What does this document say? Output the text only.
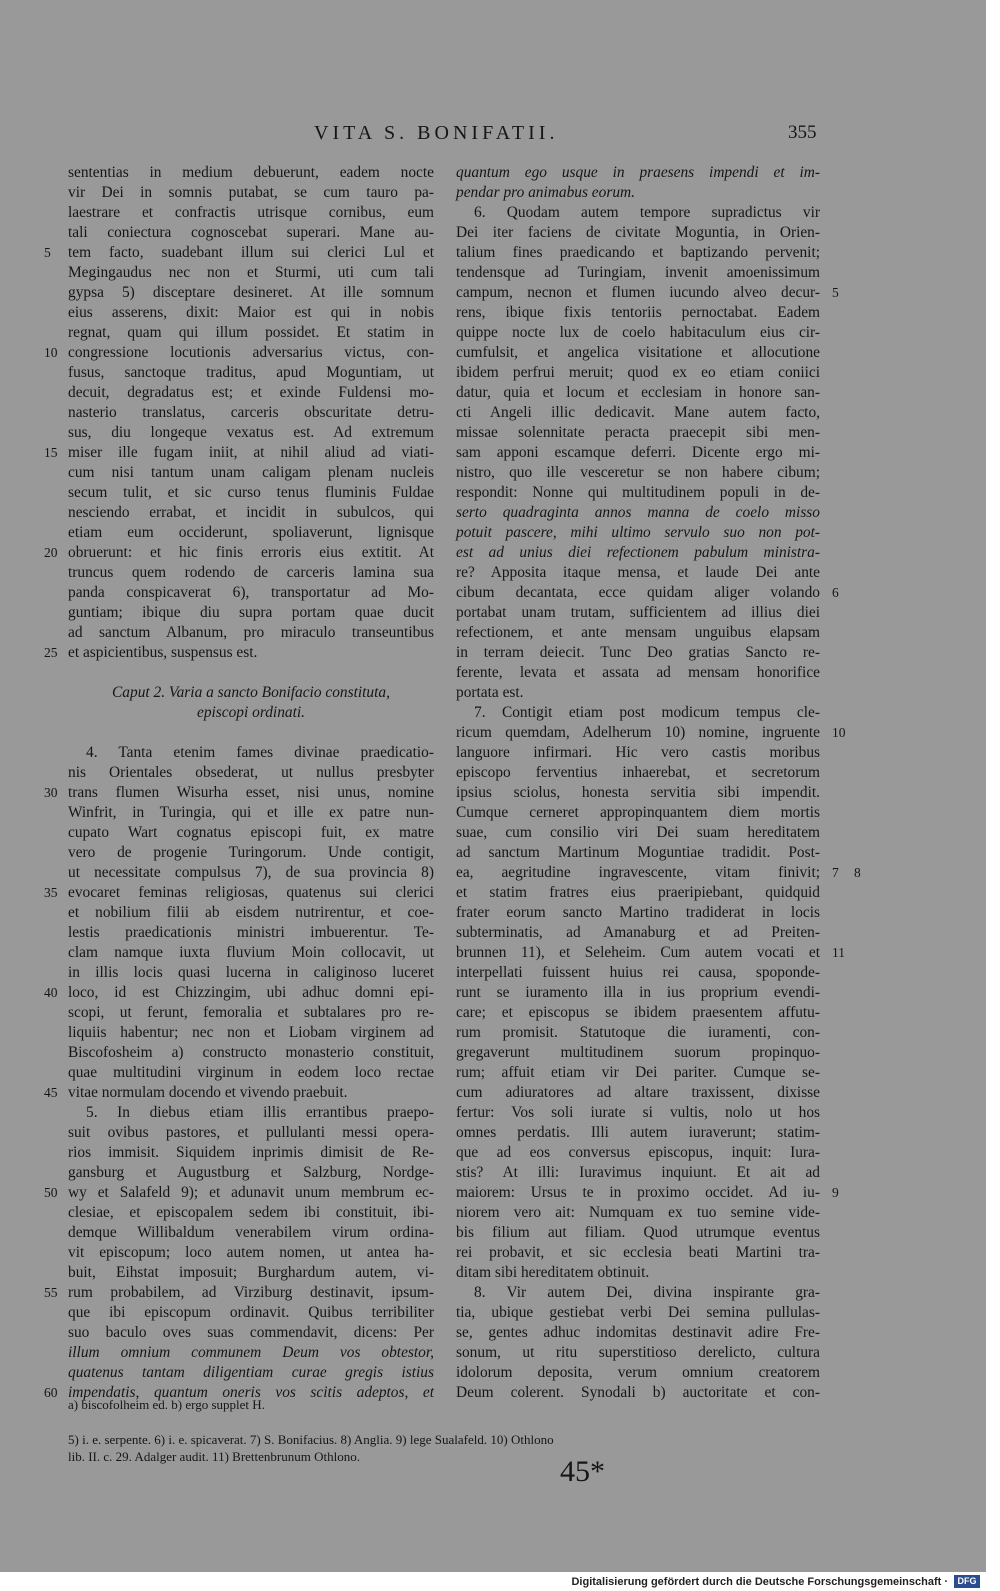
VITA S. BONIFATII.	355
sententias in medium debuerunt, eadem nocte
vir Dei in somnis putabat, se cum tauro pa-
laestrare et confractis utrisque cornibus, eum
tali coniectura cognoscebat superari. Mane au-
tem facto, suadebant illum sui clerici Lul et
Megingaudus nec non et Sturmi, uti cum tali
gypsa 5) disceptare desineret. At ille somnum
eius asserens, dixit: Maior est qui in nobis
regnat, quam qui illum possidet. Et statim in
congressione locutionis adversarius victus, con-
fusus, sanctoque traditus, apud Moguntiam, ut
decuit, degradatus est; et exinde Fuldensi mo-
nasterio translatus, carceris obscuritate detru-
sus, diu longeque vexatus est. Ad extremum
miser ille fugam iniit, at nihil aliud ad viati-
cum nisi tantum unam caligam plenam nucleis
secum tulit, et sic curso tenus fluminis Fuldae
nesciendo errabat, et incidit in subulcos, qui
etiam eum occiderunt, spoliaverunt, lignisque
obruerunt: et hic finis erroris eius extitit. At
truncus quem rodendo de carceris lamina sua
panda conspicaverat 6), transportatur ad Mo-
guntiam; ibique diu supra portam quae ducit
ad sanctum Albanum, pro miraculo transeuntibus
et aspicientibus, suspensus est.
Caput 2. Varia a sancto Bonifacio constituta,
episcopi ordinati.
4. Tanta etenim fames divinae praedicatio-
nis Orientales obsederat, ut nullus presbyter
trans flumen Wisurha esset, nisi unus, nomine
Winfrit, in Turingia, qui et ille ex patre nun-
cupato Wart cognatus episcopi fuit, ex matre
vero de progenie Turingorum. Unde contigit,
ut necessitate compulsus 7), de sua provincia 8)
evocaret feminas religiosas, quatenus sui clerici
et nobilium filii ab eisdem nutrirentur, et coe-
lestis praedicationis ministri imbuerentur. Te-
clam namque iuxta fluvium Moin collocavit, ut
in illis locis quasi lucerna in caliginoso luceret
loco, id est Chizzingim, ubi adhuc domni epi-
scopi, ut ferunt, femoralia et subtalares pro re-
liquiis habentur; nec non et Liobam virginem ad
Biscofosheim a) constructo monasterio constituit,
quae multitudini virginum in eodem loco rectae
vitae normulam docendo et vivendo praebuit.
5. In diebus etiam illis errantibus praepo-
suit ovibus pastores, et pullulanti messi opera-
rios immisit. Siquidem inprimis dimisit de Re-
gansburg et Augustburg et Salzburg, Nordge-
wy et Salafeld 9); et adunavit unum membrum ec-
clesiae, et episcopalem sedem ibi constituit, ibi-
demque Willibaldum venerabilem virum ordina-
vit episcopum; loco autem nomen, ut antea ha-
buit, Eihstat imposuit; Burghardum autem, vi-
rum probabilem, ad Virziburg destinavit, ipsum-
que ibi episcopum ordinavit. Quibus terribiliter
suo baculo oves suas commendavit, dicens: Per
illum omnium communem Deum vos obtestor,
quatenus tantam diligentiam curae gregis istius
impendatis, quantum oneris vos scitis adeptos, et
quantum ego usque in praesens impendi et im-
pendar pro animabus eorum.
6. Quodam autem tempore supradictus vir
Dei iter faciens de civitate Moguntia, in Orien-
talium fines praedicando et baptizando pervenit;
tendensque ad Turingiam, invenit amoenissimum
campum, necnon et flumen iucundo alveo decur-
rens, ibique fixis tentoriis pernoctabat. Eadem
quippe nocte lux de coelo habitaculum eius cir-
cumfulsit, et angelica visitatione et allocutione
ibidem perfrui meruit; quod ex eo etiam coniici
datur, quia et locum et ecclesiam in honore san-
cti Angeli illic dedicavit. Mane autem facto,
missae solennitate peracta praecepit sibi men-
sam apponi escamque deferri. Dicente ergo mi-
nistro, quo ille vesceretur se non habere cibum;
respondit: Nonne qui multitudinem populi in de-
serto quadraginta annos manna de coelo misso
potuit pascere, mihi ultimo servulo suo non pot-
est ad unius diei refectionem pabulum ministra-
re? Apposita itaque mensa, et laude Dei ante
cibum decantata, ecce quidam aliger volando
portabat unam trutam, sufficientem ad illius diei
refectionem, et ante mensam unguibus elapsam
in terram deiecit. Tunc Deo gratias Sancto re-
ferente, levata et assata ad mensam honorifice
portata est.
7. Contigit etiam post modicum tempus cle-
ricum quemdam, Adelherum 10) nomine, ingruente
languore infirmari. Hic vero castis moribus
episcopo ferventius inhaerebat, et secretorum
ipsius sciolus, honesta servitia sibi impendit.
Cumque cerneret appropinquantem diem mortis
suae, cum consilio viri Dei suam hereditatem
ad sanctum Martinum Moguntiae tradidit. Post-
ea, aegritudine ingravescente, vitam finivit;
et statim fratres eius praeripiebant, quidquid
frater eorum sancto Martino tradiderat in locis
subterminatis, ad Amanaburg et ad Preiten-
brunnen 11), et Seleheim. Cum autem vocati et
interpellati fuissent huius rei causa, spoponde-
runt se iuramento illa in ius proprium evendi-
care; et episcopus se ibidem praesentem affutu-
rum promisit. Statutoque die iuramenti, con-
gregaverunt multitudinem suorum propinquo-
rum; affuit etiam vir Dei pariter. Cumque se-
cum adiuratores ad altare traxissent, dixisse
fertur: Vos soli iurate si vultis, nolo ut hos
omnes perdatis. Illi autem iuraverunt; statim-
que ad eos conversus episcopus, inquit: Iura-
stis? At illi: Iuravimus inquiunt. Et ait ad
maiorem: Ursus te in proximo occidet. Ad iu-
niorem vero ait: Numquam ex tuo semine vide-
bis filium aut filiam. Quod utrumque eventus
rei probavit, et sic ecclesia beati Martini tra-
ditam sibi hereditatem obtinuit.
8. Vir autem Dei, divina inspirante gra-
tia, ubique gestiebat verbi Dei semina pullulas-
se, gentes adhuc indomitas destinavit adire Fre-
sonum, ut ritu superstitioso derelicto, cultura
idolorum deposita, verum omnium creatorem
Deum colerent. Synodali b) auctoritate et con-
a) biscofolheim ed. b) ergo supplet H.
5) i. e. serpente. 6) i. e. spicaverat. 7) S. Bonifacius. 8) Anglia. 9) lege Sualafeld. 10) Othlono
lib. II. c. 29. Adalger audit. 11) Brettenbrunum Othlono.	45*
5
10
15
20
25
30
35
40
45
50
55
60
5
6
10
7 8
11
9
Digitalisierung gefördert durch die Deutsche Forschungsgemeinschaft ·	DFG
